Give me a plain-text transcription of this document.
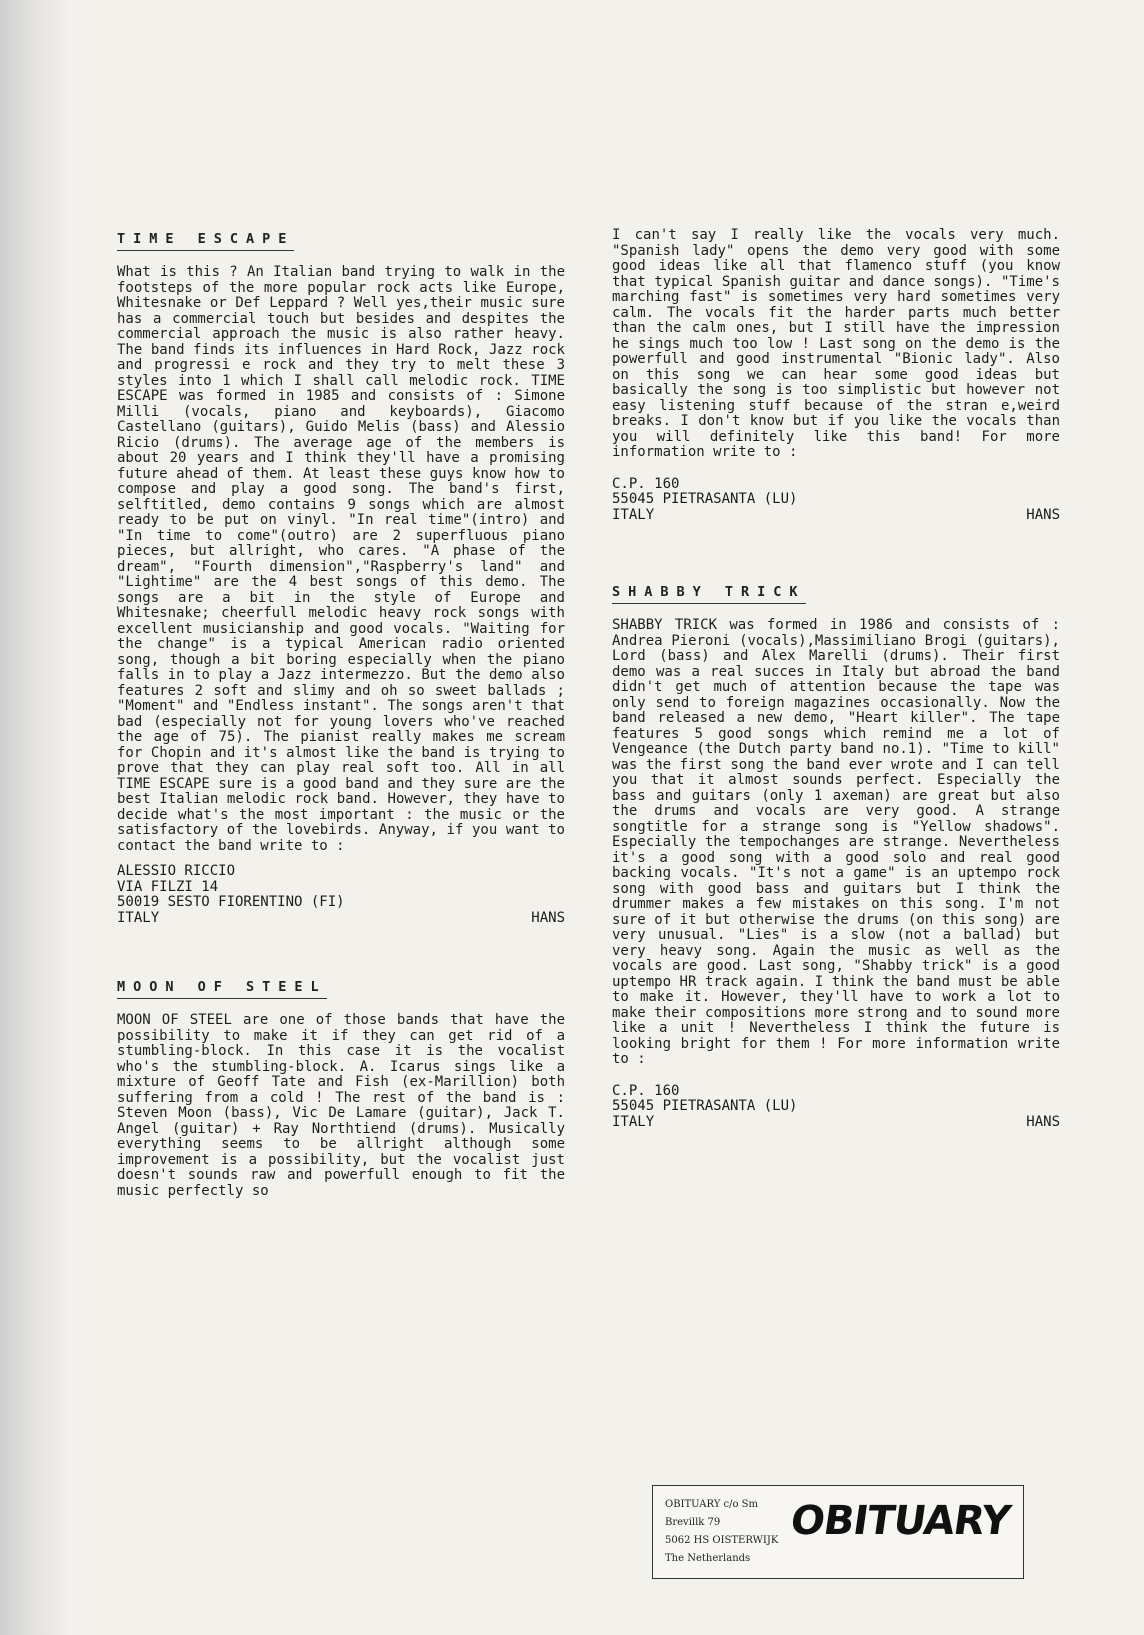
TIME ESCAPE

What is this ? An Italian band trying to walk in the footsteps of the more popular rock acts like Europe, Whitesnake or Def Leppard ? Well yes,their music sure has a commercial touch but besides and despites the commercial approach the music is also rather heavy. The band finds its influences in Hard Rock, Jazz rock and progressi e rock and they try to melt these 3 styles into 1 which I shall call melodic rock. TIME ESCAPE was formed in 1985 and consists of : Simone Milli (vocals, piano and keyboards), Giacomo Castellano (guitars), Guido Melis (bass) and Alessio Ricio (drums). The average age of the members is about 20 years and I think they'll have a promising future ahead of them. At least these guys know how to compose and play a good song. The band's first, selftitled, demo contains 9 songs which are almost ready to be put on vinyl. "In real time"(intro) and "In time to come"(outro) are 2 superfluous piano pieces, but allright, who cares. "A phase of the dream", "Fourth dimension","Raspberry's land" and "Lightime" are the 4 best songs of this demo. The songs are a bit in the style of Europe and Whitesnake; cheerfull melodic heavy rock songs with excellent musicianship and good vocals. "Waiting for the change" is a typical American radio oriented song, though a bit boring especially when the piano falls in to play a Jazz intermezzo. But the demo also features 2 soft and slimy and oh so sweet ballads ; "Moment" and "Endless instant". The songs aren't that bad (especially not for young lovers who've reached the age of 75). The pianist really makes me scream for Chopin and it's almost like the band is trying to prove that they can play real soft too. All in all TIME ESCAPE sure is a good band and they sure are the best Italian melodic rock band. However, they have to decide what's the most important : the music or the satisfactory of the lovebirds. Anyway, if you want to contact the band write to :

ALESSIO RICCIO
VIA FILZI 14
50019 SESTO FIORENTINO (FI)
ITALY	HANS
MOON OF STEEL

MOON OF STEEL are one of those bands that have the possibility to make it if they can get rid of a stumbling-block. In this case it is the vocalist who's the stumbling-block. A. Icarus sings like a mixture of Geoff Tate and Fish (ex-Marillion) both suffering from a cold ! The rest of the band is : Steven Moon (bass), Vic De Lamare (guitar), Jack T. Angel (guitar) + Ray Northtiend (drums). Musically everything seems to be allright although some improvement is a possibility, but the vocalist just doesn't sounds raw and powerfull enough to fit the music perfectly so

I can't say I really like the vocals very much. "Spanish lady" opens the demo very good with some good ideas like all that flamenco stuff (you know that typical Spanish guitar and dance songs). "Time's marching fast" is sometimes very hard sometimes very calm. The vocals fit the harder parts much better than the calm ones, but I still have the impression he sings much too low ! Last song on the demo is the powerfull and good instrumental "Bionic lady". Also on this song we can hear some good ideas but basically the song is too simplistic but however not easy listening stuff because of the stran e,weird breaks. I don't know but if you like the vocals than you will definitely like this band! For more information write to :

C.P. 160
55045 PIETRASANTA (LU)
ITALY	HANS
SHABBY TRICK

SHABBY TRICK was formed in 1986 and consists of : Andrea Pieroni (vocals),Massimiliano Brogi (guitars), Lord (bass) and Alex Marelli (drums). Their first demo was a real succes in Italy but abroad the band didn't get much of attention because the tape was only send to foreign magazines occasionally. Now the band released a new demo, "Heart killer". The tape features 5 good songs which remind me a lot of Vengeance (the Dutch party band no.1). "Time to kill" was the first song the band ever wrote and I can tell you that it almost sounds perfect. Especially the bass and guitars (only 1 axeman) are great but also the drums and vocals are very good. A strange songtitle for a strange song is "Yellow shadows". Especially the tempochanges are strange. Nevertheless it's a good song with a good solo and real good backing vocals. "It's not a game" is an uptempo rock song with good bass and guitars but I think the drummer makes a few mistakes on this song. I'm not sure of it but otherwise the drums (on this song) are very unusual. "Lies" is a slow (not a ballad) but very heavy song. Again the music as well as the vocals are good. Last song, "Shabby trick" is a good uptempo HR track again. I think the band must be able to make it. However, they'll have to work a lot to make their compositions more strong and to sound more like a unit ! Nevertheless I think the future is looking bright for them ! For more information write to :

C.P. 160
55045 PIETRASANTA (LU)
ITALY	HANS
OBITUARY c/o Sm
Brevillk 79
5062 HS OISTERWIJK
The Netherlands
OBITUARY
